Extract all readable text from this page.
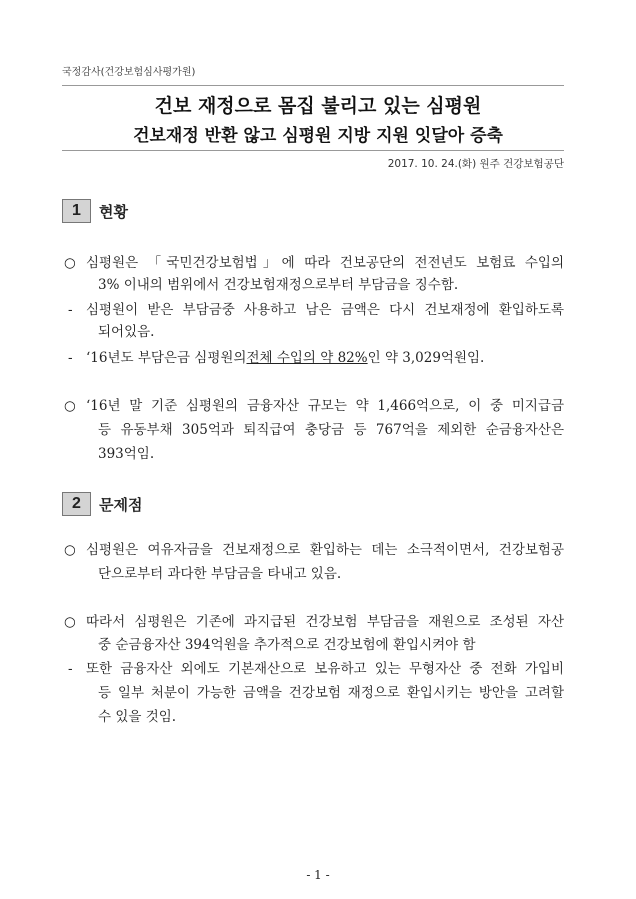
국정감사(건강보험심사평가원)
건보 재정으로 몸집 불리고 있는 심평원
건보재정 반환 않고 심평원 지방 지원 잇달아 증축
2017. 10. 24.(화) 원주 건강보험공단
1	현황
○ 심평원은 「국민건강보험법」에 따라 건보공단의 전전년도 보험료 수입의
3% 이내의 범위에서 건강보험재정으로부터 부담금을 징수함.
- 심평원이 받은 부담금중 사용하고 남은 금액은 다시 건보재정에 환입하도록
되어있음.
- ‘16년도 부담은금 심평원의전체 수입의 약 82%인 약 3,029억원임.
○ ‘16년 말 기준 심평원의 금융자산 규모는 약 1,466억으로, 이 중 미지급금
등 유동부채 305억과 퇴직급여 충당금 등 767억을 제외한 순금융자산은
393억임.
2	문제점
○ 심평원은 여유자금을 건보재정으로 환입하는 데는 소극적이면서, 건강보험공
단으로부터 과다한 부담금을 타내고 있음.
○ 따라서 심평원은 기존에 과지급된 건강보험 부담금을 재원으로 조성된 자산
중 순금융자산 394억원을 추가적으로 건강보험에 환입시켜야 함
- 또한 금융자산 외에도 기본재산으로 보유하고 있는 무형자산 중 전화 가입비
등 일부 처분이 가능한 금액을 건강보험 재정으로 환입시키는 방안을 고려할
수 있을 것임.
- 1 -
